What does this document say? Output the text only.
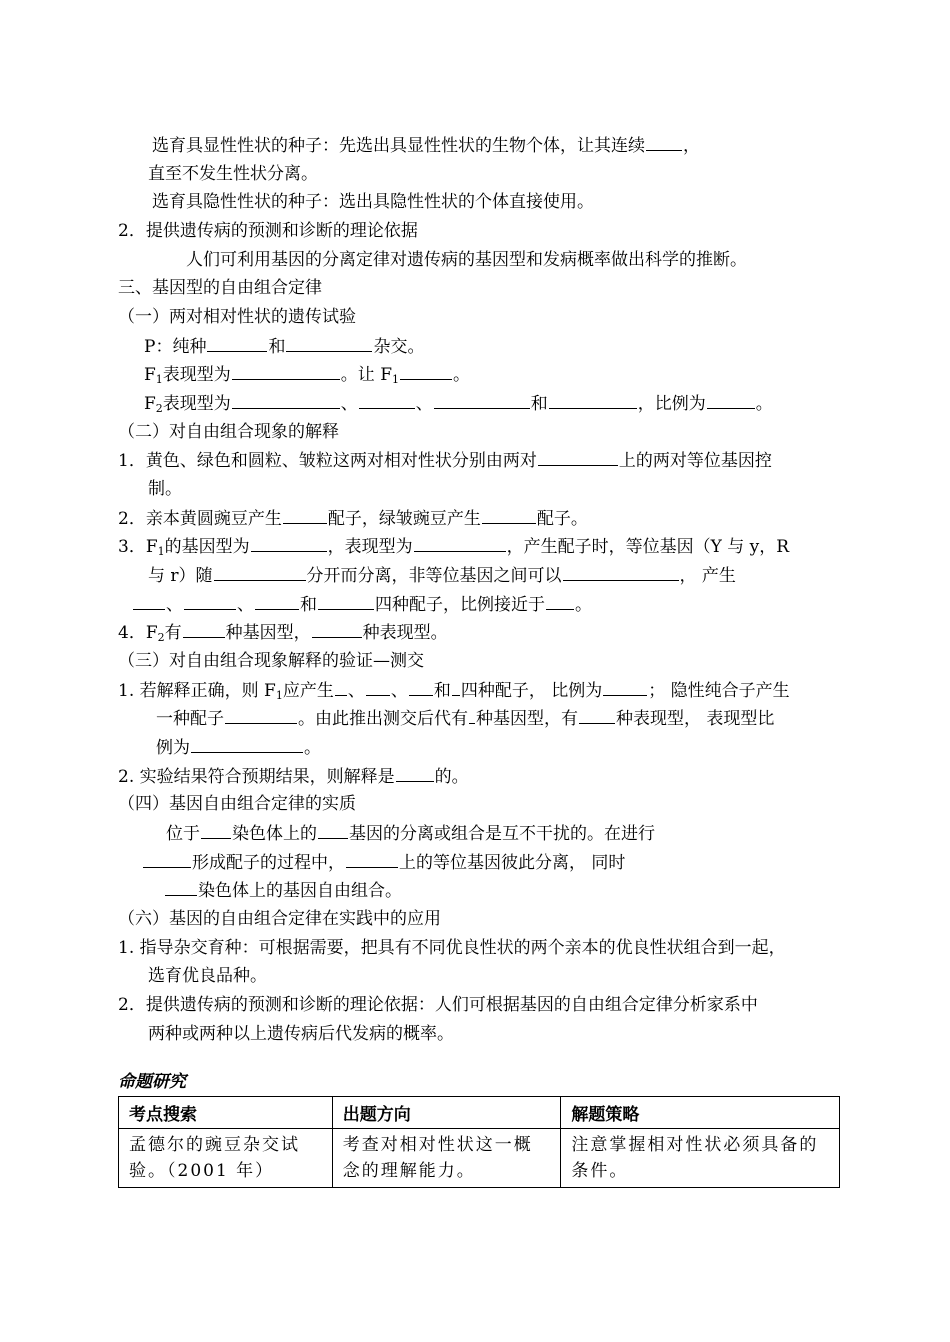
选育具显性性状的种子：先选出具显性性状的生物个体，让其连续 ，
直至不发生性状分离。
选育具隐性性状的种子：选出具隐性性状的个体直接使用。
2．提供遗传病的预测和诊断的理论依据
人们可利用基因的分离定律对遗传病的基因型和发病概率做出科学的推断。
三、基因型的自由组合定律
（一）两对相对性状的遗传试验
P：纯种	和	杂交。
$F_1$表现型为	。让 $F_1$	。
$F_2$表现型为	、	、	和	，比例为	。
（二）对自由组合现象的解释
1．黄色、绿色和圆粒、皱粒这两对相对性状分别由两对	上的两对等位基因控
制。
2．亲本黄圆豌豆产生	配子，绿皱豌豆产生	配子。
3．$F_1$的基因型为	，表现型为	，产生配子时，等位基因（Y 与 y，R
与 r）随	分开而分离，非等位基因之间可以	， 产生
、	、	和	四种配子，比例接近于 。
4．$F_2$有	种基因型，	种表现型。
（三）对自由组合现象解释的验证—测交
1. 若解释正确，则 $F_1$应产生 、 、 和 四种配子， 比例为	； 隐性纯合子产生
一种配子	。由此推出测交后代有 种基因型，有 种表现型， 表现型比
例为	。
2. 实验结果符合预期结果，则解释是 的。
（四）基因自由组合定律的实质
位于 染色体上的 基因的分离或组合是互不干扰的。在进行
形成配子的过程中，	上的等位基因彼此分离， 同时
染色体上的基因自由组合。
（六）基因的自由组合定律在实践中的应用
1. 指导杂交育种：可根据需要，把具有不同优良性状的两个亲本的优良性状组合到一起，
选育优良品种。
2．提供遗传病的预测和诊断的理论依据：人们可根据基因的自由组合定律分析家系中
两种或两种以上遗传病后代发病的概率。
命题研究
考点搜索	出题方向	解题策略
孟德尔的豌豆杂交试验。（2001 年）	考查对相对性状这一概念的理解能力。	注意掌握相对性状必须具备的条件。
